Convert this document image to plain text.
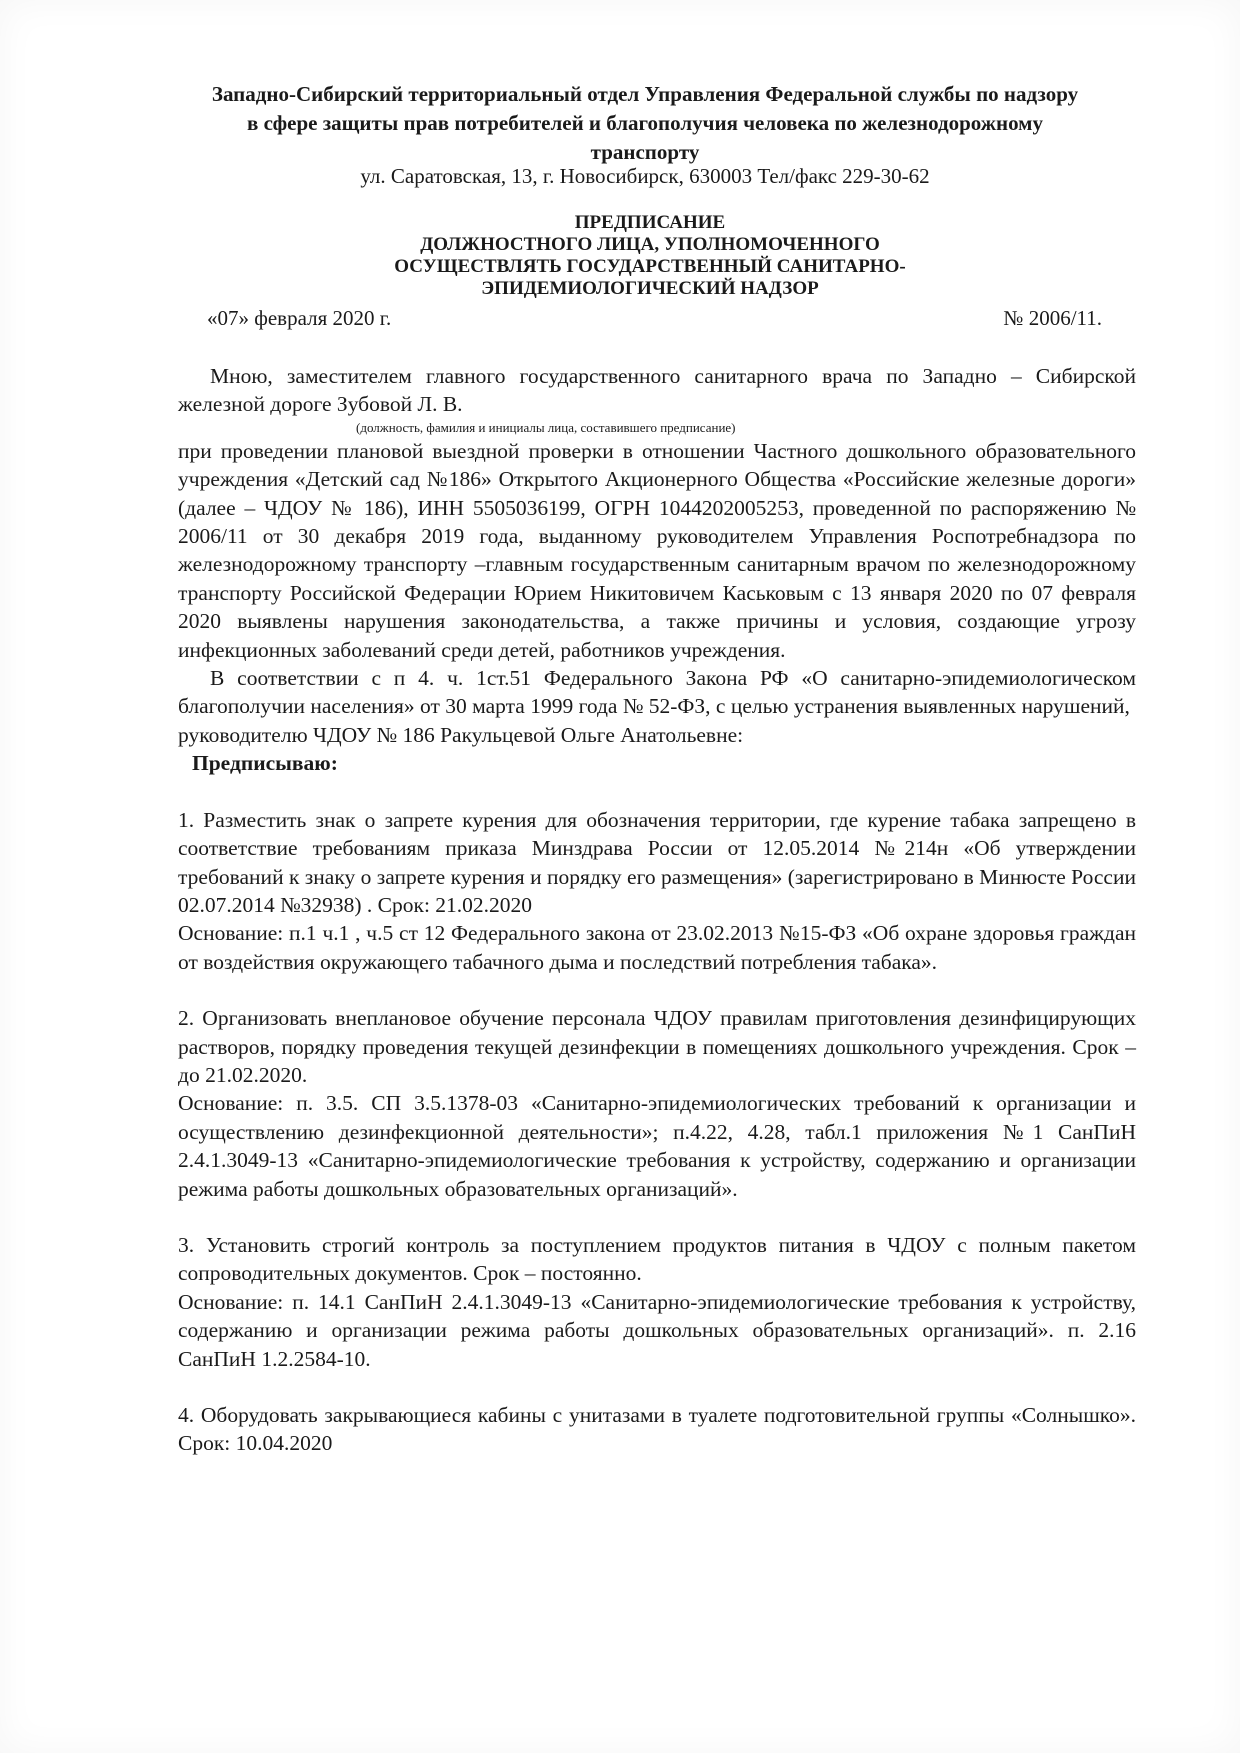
Западно-Сибирский территориальный отдел Управления Федеральной службы по надзору
в сфере защиты прав потребителей и благополучия человека по железнодорожному
транспорту
ул. Саратовская, 13, г. Новосибирск, 630003 Тел/факс 229-30-62
ПРЕДПИСАНИЕ
ДОЛЖНОСТНОГО ЛИЦА, УПОЛНОМОЧЕННОГО
ОСУЩЕСТВЛЯТЬ ГОСУДАРСТВЕННЫЙ САНИТАРНО-
ЭПИДЕМИОЛОГИЧЕСКИЙ НАДЗОР
«07» февраля 2020 г.	№ 2006/11.

Мною, заместителем главного государственного санитарного врача по Западно – Сибирской железной дороге Зубовой Л. В.

(должность, фамилия и инициалы лица, составившего предписание)

при проведении плановой выездной проверки в отношении Частного дошкольного образовательного учреждения «Детский сад №186» Открытого Акционерного Общества «Российские железные дороги» (далее – ЧДОУ № 186), ИНН 5505036199, ОГРН 1044202005253, проведенной по распоряжению № 2006/11 от 30 декабря 2019 года, выданному руководителем Управления Роспотребнадзора по железнодорожному транспорту –главным государственным санитарным врачом по железнодорожному транспорту Российской Федерации Юрием Никитовичем Каськовым с 13 января 2020 по 07 февраля 2020 выявлены нарушения законодательства, а также причины и условия, создающие угрозу инфекционных заболеваний среди детей, работников учреждения.

В соответствии с п 4. ч. 1ст.51 Федерального Закона РФ «О санитарно-эпидемиологическом благополучии населения» от 30 марта 1999 года № 52-ФЗ, с целью устранения выявленных нарушений,

руководителю ЧДОУ № 186 Ракульцевой Ольге Анатольевне:

Предписываю:

1. Разместить знак о запрете курения для обозначения территории, где курение табака запрещено в соответствие требованиям приказа Минздрава России от 12.05.2014 №214н «Об утверждении требований к знаку о запрете курения и порядку его размещения» (зарегистрировано в Минюсте России 02.07.2014 №32938) . Срок: 21.02.2020

Основание: п.1 ч.1 , ч.5 ст 12 Федерального закона от 23.02.2013 №15-ФЗ «Об охране здоровья граждан от воздействия окружающего табачного дыма и последствий потребления табака».

2. Организовать внеплановое обучение персонала ЧДОУ правилам приготовления дезинфицирующих растворов, порядку проведения текущей дезинфекции в помещениях дошкольного учреждения. Срок – до 21.02.2020.

Основание: п. 3.5. СП 3.5.1378-03 «Санитарно-эпидемиологических требований к организации и осуществлению дезинфекционной деятельности»; п.4.22, 4.28, табл.1 приложения №1 СанПиН 2.4.1.3049-13 «Санитарно-эпидемиологические требования к устройству, содержанию и организации режима работы дошкольных образовательных организаций».

3. Установить строгий контроль за поступлением продуктов питания в ЧДОУ с полным пакетом сопроводительных документов. Срок – постоянно.

Основание: п. 14.1 СанПиН 2.4.1.3049-13 «Санитарно-эпидемиологические требования к устройству, содержанию и организации режима работы дошкольных образовательных организаций». п. 2.16 СанПиН 1.2.2584-10.

4. Оборудовать закрывающиеся кабины с унитазами в туалете подготовительной группы «Солнышко». Срок: 10.04.2020
